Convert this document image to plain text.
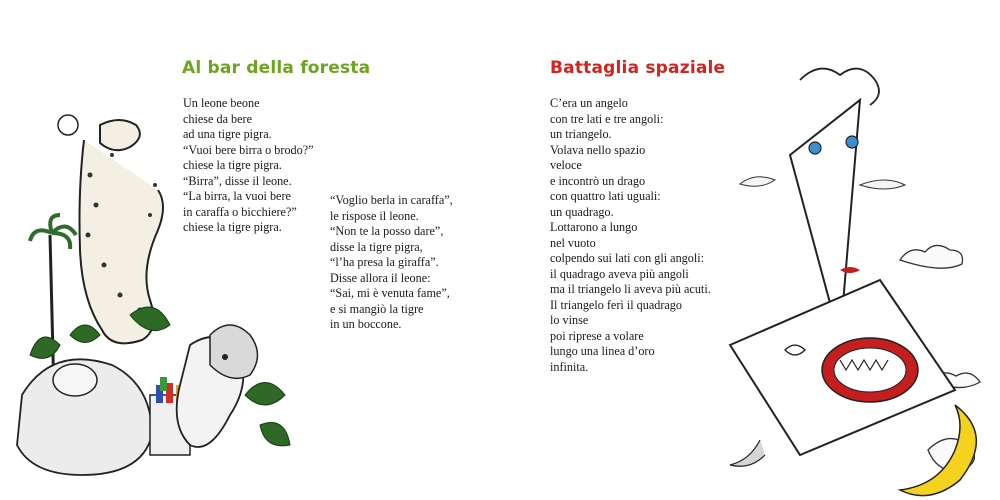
Al bar della foresta	Battaglia spaziale
Un leone beone
chiese da bere
ad una tigre pigra.
“Vuoi bere birra o brodo?”
chiese la tigre pigra.
“Birra”, disse il leone.
“La birra, la vuoi bere
in caraffa o bicchiere?”
chiese la tigre pigra.
“Voglio berla in caraffa”,
le rispose il leone.
“Non te la posso dare”,
disse la tigre pigra,
“l’ha presa la giraffa”.
Disse allora il leone:
“Sai, mi è venuta fame”,
e si mangiò la tigre
in un boccone.
C’era un angelo
con tre lati e tre angoli:
un triangelo.
Volava nello spazio
veloce
e incontrò un drago
con quattro lati uguali:
un quadrago.
Lottarono a lungo
nel vuoto
colpendo sui lati con gli angoli:
il quadrago aveva più angoli
ma il triangelo li aveva più acuti.
Il triangelo ferì il quadrago
lo vinse
poi riprese a volare
lungo una linea d’oro
infinita.
